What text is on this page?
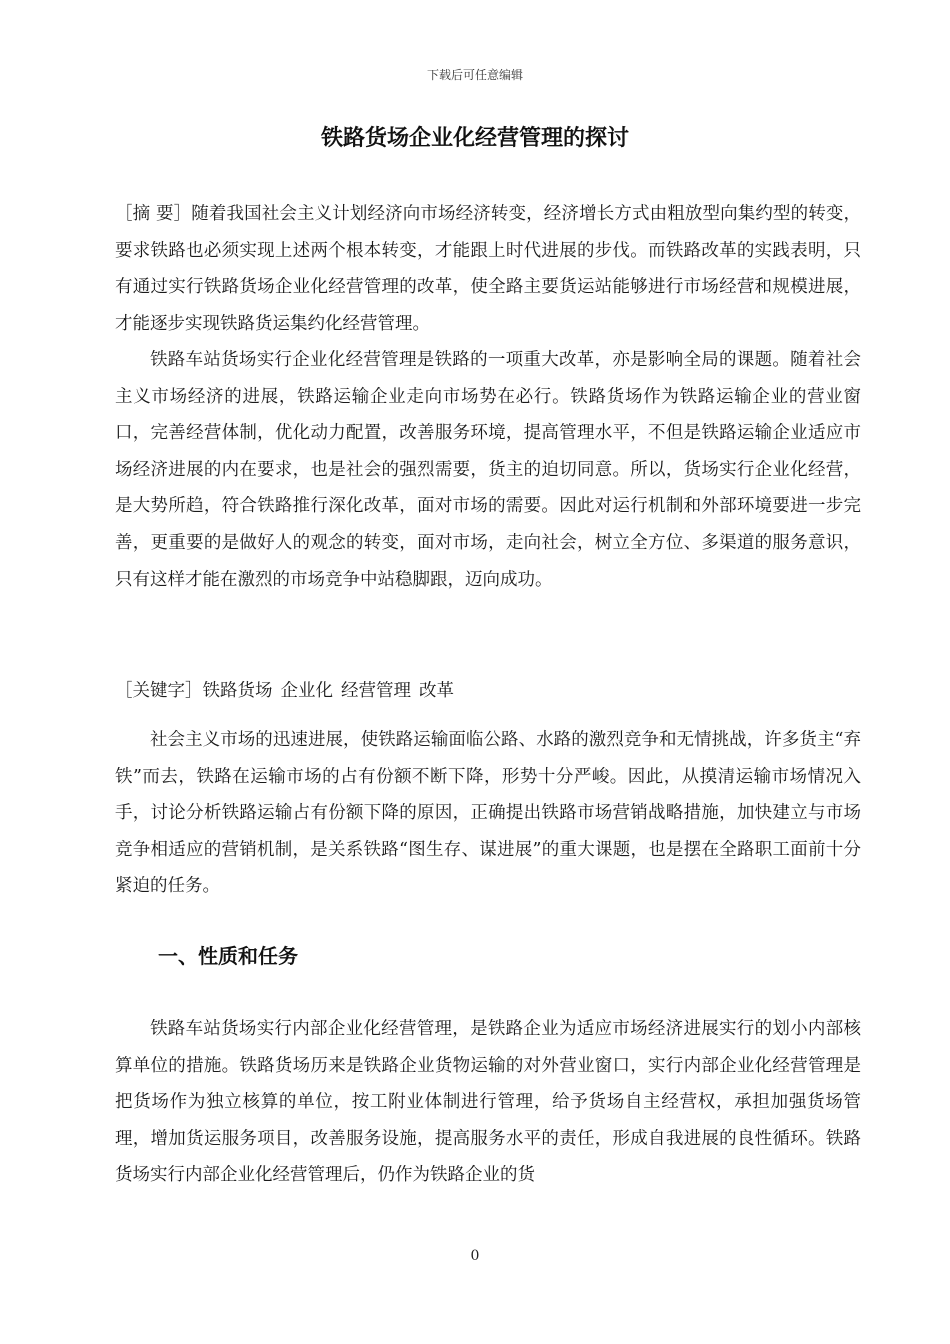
下载后可任意编辑
铁路货场企业化经营管理的探讨

［摘 要］随着我国社会主义计划经济向市场经济转变，经济增长方式由粗放型向集约型的转变，要求铁路也必须实现上述两个根本转变，才能跟上时代进展的步伐。而铁路改革的实践表明，只有通过实行铁路货场企业化经营管理的改革，使全路主要货运站能够进行市场经营和规模进展，才能逐步实现铁路货运集约化经营管理。

铁路车站货场实行企业化经营管理是铁路的一项重大改革，亦是影响全局的课题。随着社会主义市场经济的进展，铁路运输企业走向市场势在必行。铁路货场作为铁路运输企业的营业窗口，完善经营体制，优化动力配置，改善服务环境，提高管理水平，不但是铁路运输企业适应市场经济进展的内在要求，也是社会的强烈需要，货主的迫切同意。所以，货场实行企业化经营，是大势所趋，符合铁路推行深化改革，面对市场的需要。因此对运行机制和外部环境要进一步完善，更重要的是做好人的观念的转变，面对市场，走向社会，树立全方位、多渠道的服务意识，只有这样才能在激烈的市场竞争中站稳脚跟，迈向成功。

［关键字］铁路货场 企业化 经营管理 改革

社会主义市场的迅速进展，使铁路运输面临公路、水路的激烈竞争和无情挑战，许多货主“弃铁”而去，铁路在运输市场的占有份额不断下降，形势十分严峻。因此，从摸清运输市场情况入手，讨论分析铁路运输占有份额下降的原因，正确提出铁路市场营销战略措施，加快建立与市场竞争相适应的营销机制，是关系铁路“图生存、谋进展”的重大课题，也是摆在全路职工面前十分紧迫的任务。

一、性质和任务

铁路车站货场实行内部企业化经营管理，是铁路企业为适应市场经济进展实行的划小内部核算单位的措施。铁路货场历来是铁路企业货物运输的对外营业窗口，实行内部企业化经营管理是把货场作为独立核算的单位，按工附业体制进行管理，给予货场自主经营权，承担加强货场管理，增加货运服务项目，改善服务设施，提高服务水平的责任，形成自我进展的良性循环。铁路货场实行内部企业化经营管理后，仍作为铁路企业的货

0
